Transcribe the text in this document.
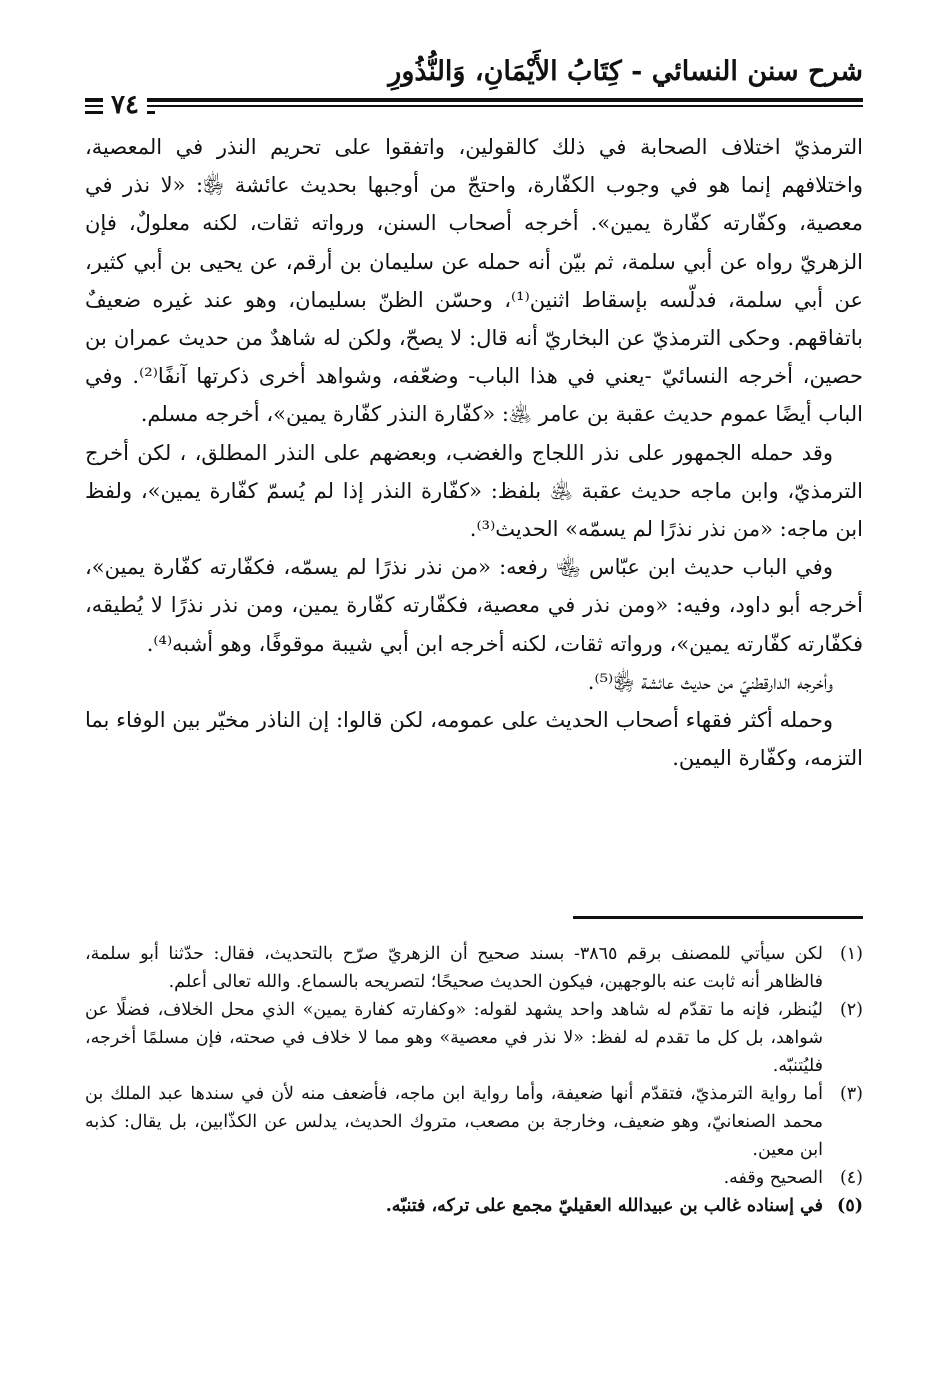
شرح سنن النسائي - كِتَابُ الأَيْمَانِ، وَالنُّذُورِ
٧٤

الترمذيّ اختلاف الصحابة في ذلك كالقولين، واتفقوا على تحريم النذر في المعصية، واختلافهم إنما هو في وجوب الكفّارة، واحتجّ من أوجبها بحديث عائشة ﵂: «لا نذر في معصية، وكفّارته كفّارة يمين». أخرجه أصحاب السنن، ورواته ثقات، لكنه معلولٌ، فإن الزهريّ رواه عن أبي سلمة، ثم بيّن أنه حمله عن سليمان بن أرقم، عن يحيى بن أبي كثير، عن أبي سلمة، فدلّسه بإسقاط اثنين⁽¹⁾، وحسّن الظنّ بسليمان، وهو عند غيره ضعيفٌ باتفاقهم. وحكى الترمذيّ عن البخاريّ أنه قال: لا يصحّ، ولكن له شاهدٌ من حديث عمران بن حصين، أخرجه النسائيّ -يعني في هذا الباب- وضعّفه، وشواهد أخرى ذكرتها آنفًا⁽²⁾. وفي الباب أيضًا عموم حديث عقبة بن عامر ﵁: «كفّارة النذر كفّارة يمين»، أخرجه مسلم.

وقد حمله الجمهور على نذر اللجاج والغضب، وبعضهم على النذر المطلق، ، لكن أخرج الترمذيّ، وابن ماجه حديث عقبة ﵁ بلفظ: «كفّارة النذر إذا لم يُسمّ كفّارة يمين»، ولفظ ابن ماجه: «من نذر نذرًا لم يسمّه» الحديث⁽³⁾.

وفي الباب حديث ابن عبّاس ﵄ رفعه: «من نذر نذرًا لم يسمّه، فكفّارته كفّارة يمين»، أخرجه أبو داود، وفيه: «ومن نذر في معصية، فكفّارته كفّارة يمين، ومن نذر نذرًا لا يُطيقه، فكفّارته كفّارته يمين»، ورواته ثقات، لكنه أخرجه ابن أبي شيبة موقوفًا، وهو أشبه⁽⁴⁾.

وأخرجه الدارقطنيّ من حديث عائشة ﵂⁽⁵⁾.

وحمله أكثر فقهاء أصحاب الحديث على عمومه، لكن قالوا: إن الناذر مخيّر بين الوفاء بما التزمه، وكفّارة اليمين.

(١)
لكن سيأتي للمصنف برقم ٣٨٦٥- بسند صحيح أن الزهريّ صرّح بالتحديث، فقال: حدّثنا أبو سلمة، فالظاهر أنه ثابت عنه بالوجهين، فيكون الحديث صحيحًا؛ لتصريحه بالسماع. والله تعالى أعلم.
(٢)
ليُنظر، فإنه ما تقدّم له شاهد واحد يشهد لقوله: «وكفارته كفارة يمين» الذي محل الخلاف، فضلًا عن شواهد، بل كل ما تقدم له لفظ: «لا نذر في معصية» وهو مما لا خلاف في صحته، فإن مسلمًا أخرجه، فليُتنبّه.
(٣)
أما رواية الترمذيّ، فتقدّم أنها ضعيفة، وأما رواية ابن ماجه، فأضعف منه لأن في سندها عبد الملك بن محمد الصنعانيّ، وهو ضعيف، وخارجة بن مصعب، متروك الحديث، يدلس عن الكذّابين، بل يقال: كذبه ابن معين.
(٤)
الصحيح وقفه.
(٥)
في إسناده غالب بن عبيدالله العقيليّ مجمع على تركه، فتنبّه.
